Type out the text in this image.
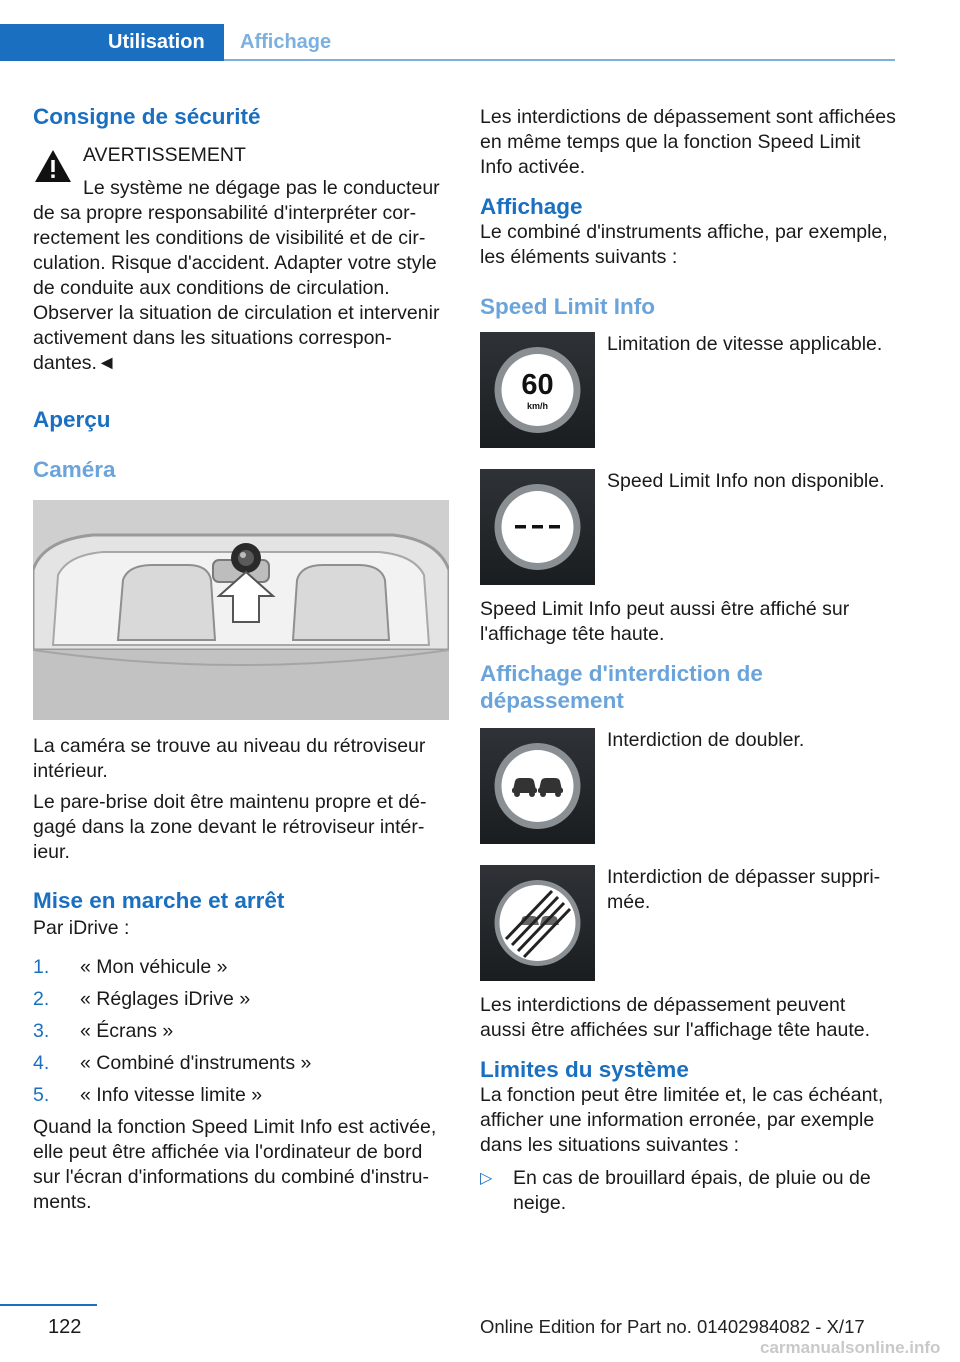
Utilisation	Affichage
Consigne de sécurité
AVERTISSEMENT
Le système ne dégage pas le conducteur
de sa propre responsabilité d'interpréter correctement les conditions de visibilité et de circulation. Risque d'accident. Adapter votre style de conduite aux conditions de circulation. Observer la situation de circulation et intervenir activement dans les situations correspondantes.◄
Aperçu
Caméra
La caméra se trouve au niveau du rétroviseur intérieur.
Le pare-brise doit être maintenu propre et dégagé dans la zone devant le rétroviseur intérieur.
Mise en marche et arrêt
Par iDrive :
1. « Mon véhicule »
2. « Réglages iDrive »
3. « Écrans »
4. « Combiné d'instruments »
5. « Info vitesse limite »
Quand la fonction Speed Limit Info est activée, elle peut être affichée via l'ordinateur de bord sur l'écran d'informations du combiné d'instruments.
Les interdictions de dépassement sont affichées en même temps que la fonction Speed Limit Info activée.
Affichage
Le combiné d'instruments affiche, par exemple, les éléments suivants :
Speed Limit Info
60
km/h
Limitation de vitesse applicable.
Speed Limit Info non disponible.
Speed Limit Info peut aussi être affiché sur l'affichage tête haute.
Affichage d'interdiction de dépassement
Interdiction de doubler.
Interdiction de dépasser supprimée.
Les interdictions de dépassement peuvent aussi être affichées sur l'affichage tête haute.
Limites du système
La fonction peut être limitée et, le cas échéant, afficher une information erronée, par exemple dans les situations suivantes :
▷ En cas de brouillard épais, de pluie ou de neige.
122	Online Edition for Part no. 01402984082 - X/17
carmanualsonline.info
